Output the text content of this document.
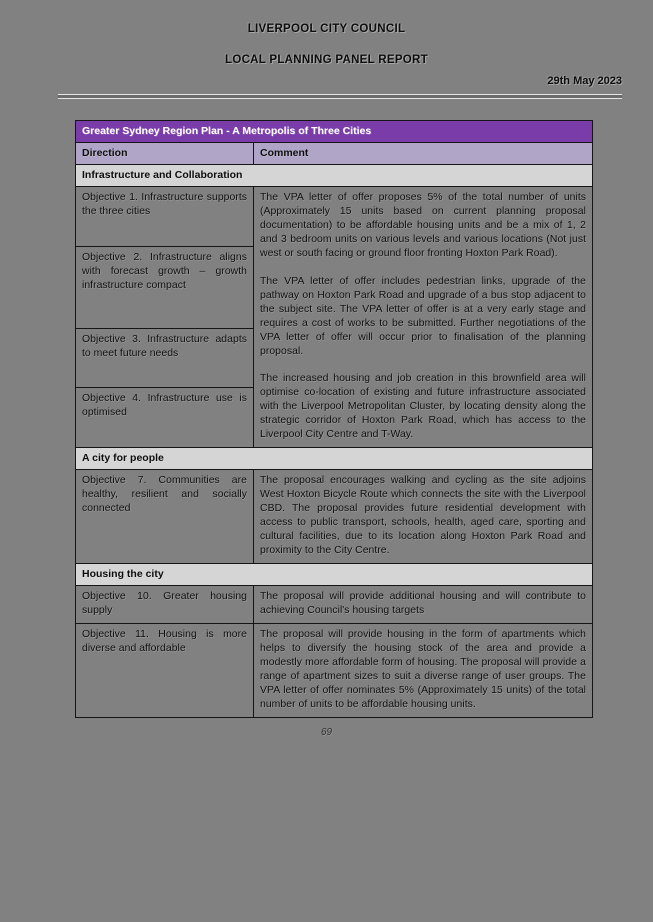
LIVERPOOL CITY COUNCIL
LOCAL PLANNING PANEL REPORT
29th May 2023
Greater Sydney Region Plan - A Metropolis of Three Cities	
Direction	Comment
Infrastructure and Collaboration	
Objective 1. Infrastructure supports the three cities	The VPA letter of offer proposes 5% of the total number of units (Approximately 15 units based on current planning proposal documentation) to be affordable housing units and be a mix of 1, 2 and 3 bedroom units on various levels and various locations (Not just west or south facing or ground floor fronting Hoxton Park Road).

The VPA letter of offer includes pedestrian links, upgrade of the pathway on Hoxton Park Road and upgrade of a bus stop adjacent to the subject site. The VPA letter of offer is at a very early stage and requires a cost of works to be submitted. Further negotiations of the VPA letter of offer will occur prior to finalisation of the planning proposal.

The increased housing and job creation in this brownfield area will optimise co-location of existing and future infrastructure associated with the Liverpool Metropolitan Cluster, by locating density along the strategic corridor of Hoxton Park Road, which has access to the Liverpool City Centre and T-Way.

Objective 2. Infrastructure aligns with forecast growth – growth infrastructure compact	
Objective 3. Infrastructure adapts to meet future needs	
Objective 4. Infrastructure use is optimised	
A city for people	
Objective 7. Communities are healthy, resilient and socially connected	The proposal encourages walking and cycling as the site adjoins West Hoxton Bicycle Route which connects the site with the Liverpool CBD. The proposal provides future residential development with access to public transport, schools, health, aged care, sporting and cultural facilities, due to its location along Hoxton Park Road and proximity to the City Centre.

Housing the city	
Objective 10. Greater housing supply	The proposal will provide additional housing and will contribute to achieving Council's housing targets

Objective 11. Housing is more diverse and affordable	The proposal will provide housing in the form of apartments which helps to diversify the housing stock of the area and provide a modestly more affordable form of housing. The proposal will provide a range of apartment sizes to suit a diverse range of user groups. The VPA letter of offer nominates 5% (Approximately 15 units) of the total number of units to be affordable housing units.

69
